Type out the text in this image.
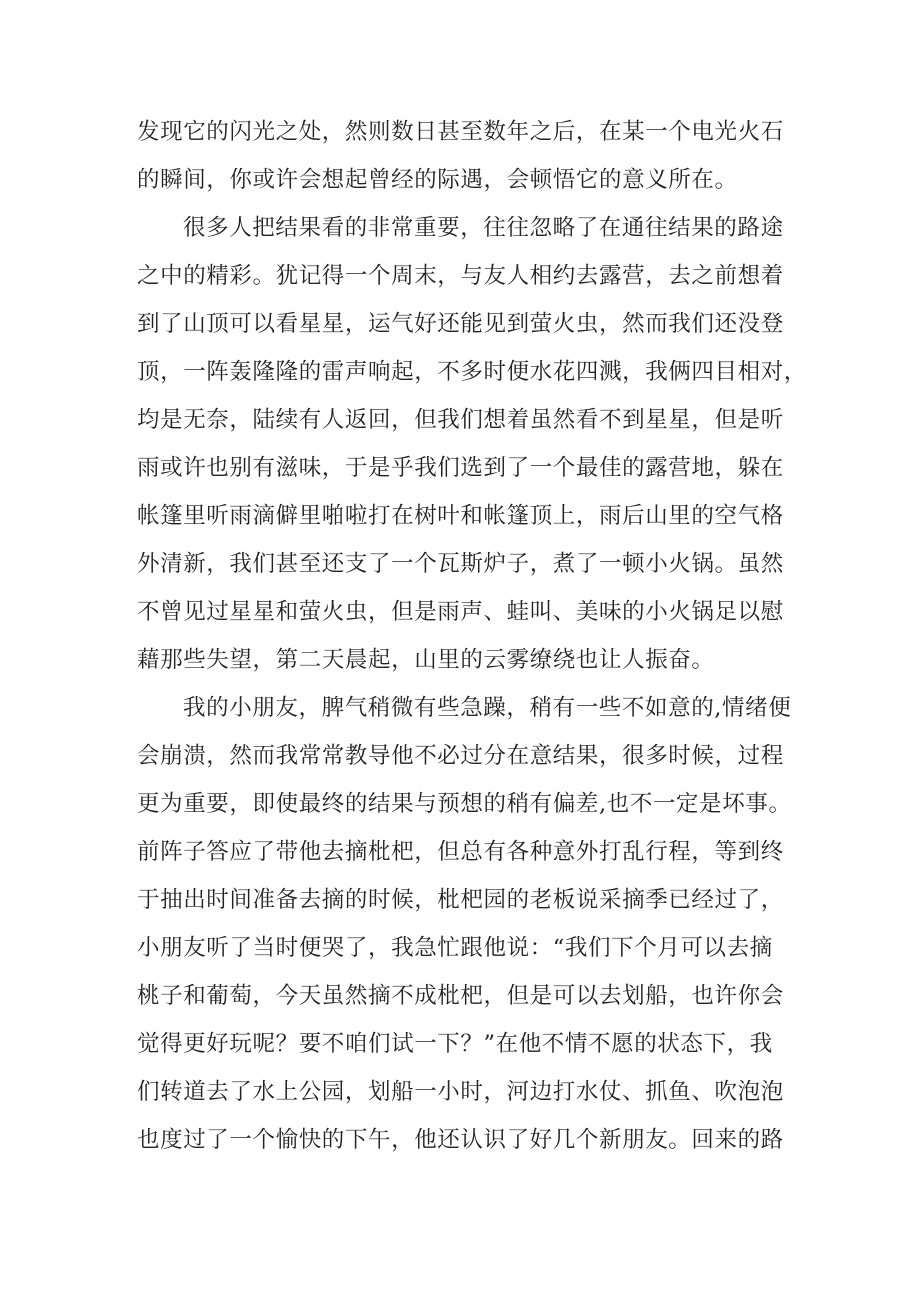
发现它的闪光之处，然则数日甚至数年之后，在某一个电光火石
的瞬间，你或许会想起曾经的际遇，会顿悟它的意义所在。
很多人把结果看的非常重要，往往忽略了在通往结果的路途
之中的精彩。犹记得一个周末，与友人相约去露营，去之前想着
到了山顶可以看星星，运气好还能见到萤火虫，然而我们还没登
顶，一阵轰隆隆的雷声响起，不多时便水花四溅，我俩四目相对，
均是无奈，陆续有人返回，但我们想着虽然看不到星星，但是听
雨或许也别有滋味，于是乎我们选到了一个最佳的露营地，躲在
帐篷里听雨滴僻里啪啦打在树叶和帐篷顶上，雨后山里的空气格
外清新，我们甚至还支了一个瓦斯炉子，煮了一顿小火锅。虽然
不曾见过星星和萤火虫，但是雨声、蛙叫、美味的小火锅足以慰
藉那些失望，第二天晨起，山里的云雾缭绕也让人振奋。
我的小朋友，脾气稍微有些急躁，稍有一些不如意的,情绪便
会崩溃，然而我常常教导他不必过分在意结果，很多时候，过程
更为重要，即使最终的结果与预想的稍有偏差,也不一定是坏事。
前阵子答应了带他去摘枇杷，但总有各种意外打乱行程，等到终
于抽出时间准备去摘的时候，枇杷园的老板说采摘季已经过了，
小朋友听了当时便哭了，我急忙跟他说：“我们下个月可以去摘
桃子和葡萄，今天虽然摘不成枇杷，但是可以去划船，也许你会
觉得更好玩呢？要不咱们试一下？”在他不情不愿的状态下，我
们转道去了水上公园，划船一小时，河边打水仗、抓鱼、吹泡泡
也度过了一个愉快的下午，他还认识了好几个新朋友。回来的路
